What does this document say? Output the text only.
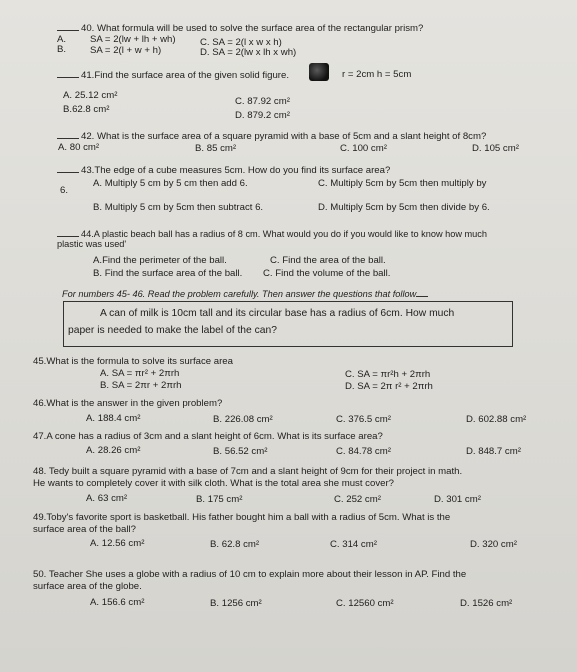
40. What formula will be used to solve the surface area of the rectangular prism?
A. SA = 2(lw + lh + wh)	C. SA = 2(l x w x h)
B. SA = 2(l + w + h)	D. SA = 2(lw x lh x wh)
41.Find the surface area of the given solid figure.	r = 2cm h = 5cm
A. 25.12 cm²
C. 87.92 cm²
B.62.8 cm²
D. 879.2 cm²
42. What is the surface area of a square pyramid with a base of 5cm and a slant height of 8cm?
A. 80 cm²	B. 85 cm²	C. 100 cm²	D. 105 cm²
43.The edge of a cube measures 5cm. How do you find its surface area?
A. Multiply 5 cm by 5 cm then add 6.	C. Multiply 5cm by 5cm then multiply by
6.
B. Multiply 5 cm by 5cm then subtract 6.	D. Multiply 5cm by 5cm then divide by 6.
44.A plastic beach ball has a radius of 8 cm. What would you do if you would like to know how much
plastic was used'
A.Find the perimeter of the ball.	C. Find the area of the ball.
B. Find the surface area of the ball. C. Find the volume of the ball.
For numbers 45- 46. Read the problem carefully. Then answer the questions that follow
A can of milk is 10cm tall and its circular base has a radius of 6cm. How much
paper is needed to make the label of the can?
45.What is the formula to solve its surface area
A. SA = πr² + 2πrh	C. SA = πr²h + 2πrh
B. SA = 2πr + 2πrh	D. SA = 2π r² + 2πrh
46.What is the answer in the given problem?
A. 188.4 cm²	B. 226.08 cm²	C. 376.5 cm²	D. 602.88 cm²
47.A cone has a radius of 3cm and a slant height of 6cm. What is its surface area?
A. 28.26 cm²	B. 56.52 cm²	C. 84.78 cm²	D. 848.7 cm²
48. Tedy built a square pyramid with a base of 7cm and a slant height of 9cm for their project in math.
He wants to completely cover it with silk cloth. What is the total area she must cover?
A. 63 cm²	B. 175 cm²	C. 252 cm²	D. 301 cm²
49.Toby's favorite sport is basketball. His father bought him a ball with a radius of 5cm. What is the
surface area of the ball?
A. 12.56 cm²	B. 62.8 cm²	C. 314 cm²	D. 320 cm²
50. Teacher She uses a globe with a radius of 10 cm to explain more about their lesson in AP. Find the
surface area of the globe.
A. 156.6 cm²	B. 1256 cm²	C. 12560 cm²	D. 1526 cm²
